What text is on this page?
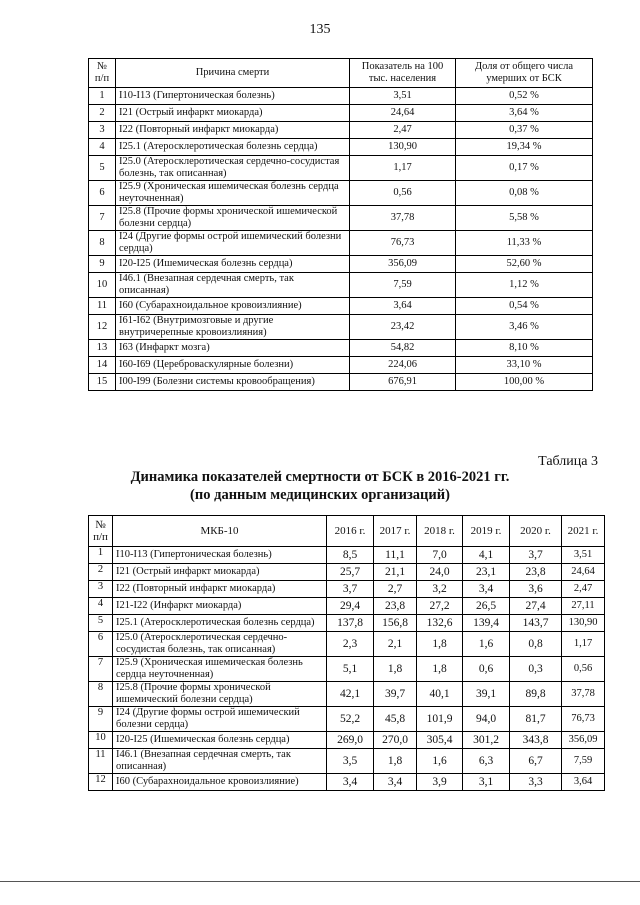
135
№ п/п	Причина смерти	Показатель на 100 тыс. населения	Доля от общего числа умерших от БСК
1	I10-I13 (Гипертоническая болезнь)	3,51	0,52 %
2	I21 (Острый инфаркт миокарда)	24,64	3,64 %
3	I22 (Повторный инфаркт миокарда)	2,47	0,37 %
4	I25.1 (Атеросклеротическая болезнь сердца)	130,90	19,34 %
5	I25.0 (Атеросклеротическая сердечно-сосудистая болезнь, так описанная)	1,17	0,17 %
6	I25.9 (Хроническая ишемическая болезнь сердца неуточненная)	0,56	0,08 %
7	I25.8 (Прочие формы хронической ишемической болезни сердца)	37,78	5,58 %
8	I24 (Другие формы острой ишемический болезни сердца)	76,73	11,33 %
9	I20-I25 (Ишемическая болезнь сердца)	356,09	52,60 %
10	I46.1 (Внезапная сердечная смерть, так описанная)	7,59	1,12 %
11	I60 (Субарахноидальное кровоизлияние)	3,64	0,54 %
12	I61-I62 (Внутримозговые и другие внутричерепные кровоизлияния)	23,42	3,46 %
13	I63 (Инфаркт мозга)	54,82	8,10 %
14	I60-I69 (Цереброваскулярные болезни)	224,06	33,10 %
15	I00-I99 (Болезни системы кровообращения)	676,91	100,00 %
Таблица 3
Динамика показателей смертности от БСК в 2016-2021 гг.
(по данным медицинских организаций)
№ п/п	МКБ-10	2016 г.	2017 г.	2018 г.	2019 г.	2020 г.	2021 г.
1	I10-I13 (Гипертоническая болезнь)	8,5	11,1	7,0	4,1	3,7	3,51
2	I21 (Острый инфаркт миокарда)	25,7	21,1	24,0	23,1	23,8	24,64
3	I22 (Повторный инфаркт миокарда)	3,7	2,7	3,2	3,4	3,6	2,47
4	I21-I22 (Инфаркт миокарда)	29,4	23,8	27,2	26,5	27,4	27,11
5	I25.1 (Атеросклеротическая болезнь сердца)	137,8	156,8	132,6	139,4	143,7	130,90
6	I25.0 (Атеросклеротическая сердечно-сосудистая болезнь, так описанная)	2,3	2,1	1,8	1,6	0,8	1,17
7	I25.9 (Хроническая ишемическая болезнь сердца неуточненная)	5,1	1,8	1,8	0,6	0,3	0,56
8	I25.8 (Прочие формы хронической ишемический болезни сердца)	42,1	39,7	40,1	39,1	89,8	37,78
9	I24 (Другие формы острой ишемический болезни сердца)	52,2	45,8	101,9	94,0	81,7	76,73
10	I20-I25 (Ишемическая болезнь сердца)	269,0	270,0	305,4	301,2	343,8	356,09
11	I46.1 (Внезапная сердечная смерть, так описанная)	3,5	1,8	1,6	6,3	6,7	7,59
12	I60 (Субарахноидальное кровоизлияние)	3,4	3,4	3,9	3,1	3,3	3,64
